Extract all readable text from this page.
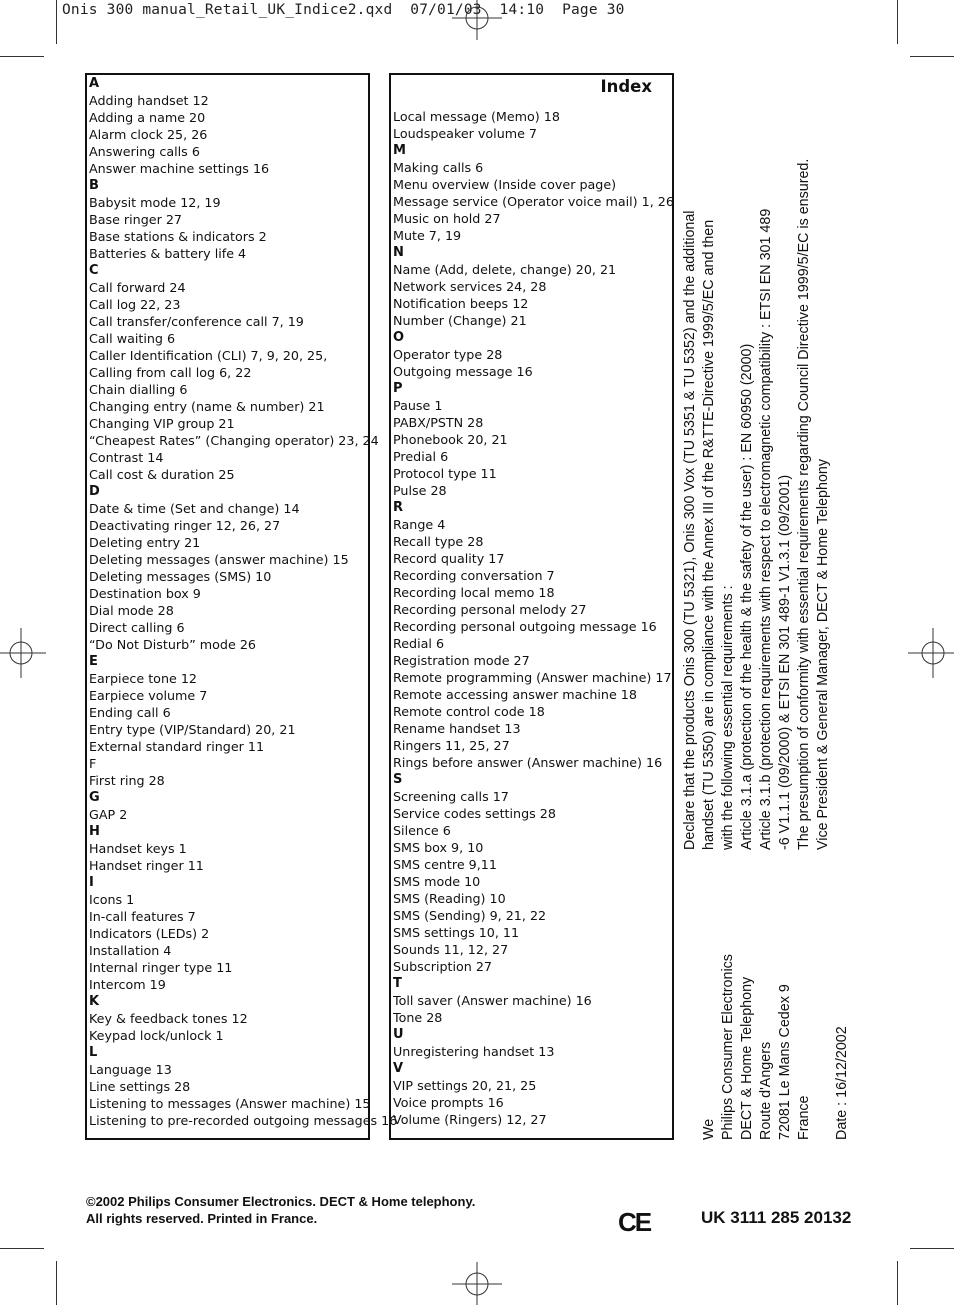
Onis 300 manual_Retail_UK_Indice2.qxd  07/01/03  14:10  Page 30
A
Adding handset 12
Adding a name 20
Alarm clock 25, 26
Answering calls 6
Answer machine settings 16
B
Babysit mode 12, 19
Base ringer 27
Base stations & indicators 2
Batteries & battery life 4
C
Call forward 24
Call log 22, 23
Call transfer/conference call 7, 19
Call waiting 6
Caller Identification (CLI) 7, 9, 20, 25,
Calling from call log 6, 22
Chain dialling 6
Changing entry (name & number) 21
Changing VIP group 21
“Cheapest Rates” (Changing operator) 23, 24
Contrast 14
Call cost & duration 25
D
Date & time (Set and change) 14
Deactivating ringer 12, 26, 27
Deleting entry 21
Deleting messages (answer machine) 15
Deleting messages (SMS) 10
Destination box 9
Dial mode 28
Direct calling 6
“Do Not Disturb” mode 26
E
Earpiece tone 12
Earpiece volume 7
Ending call 6
Entry type (VIP/Standard) 20, 21
External standard ringer 11
F
First ring 28
G
GAP 2
H
Handset keys 1
Handset ringer 11
I
Icons 1
In-call features 7
Indicators (LEDs) 2
Installation 4
Internal ringer type 11
Intercom 19
K
Key & feedback tones 12
Keypad lock/unlock 1
L
Language 13
Line settings 28
Listening to messages (Answer machine) 15
Listening to pre-recorded outgoing messages 16
Index
Local message (Memo) 18
Loudspeaker volume 7
M
Making calls 6
Menu overview (Inside cover page)
Message service (Operator voice mail) 1, 26
Music on hold 27
Mute 7, 19
N
Name (Add, delete, change) 20, 21
Network services 24, 28
Notification beeps 12
Number (Change) 21
O
Operator type 28
Outgoing message 16
P
Pause 1
PABX/PSTN 28
Phonebook 20, 21
Predial 6
Protocol type 11
Pulse 28
R
Range 4
Recall type 28
Record quality 17
Recording conversation 7
Recording local memo 18
Recording personal melody 27
Recording personal outgoing message 16
Redial 6
Registration mode 27
Remote programming (Answer machine) 17
Remote accessing answer machine 18
Remote control code 18
Rename handset 13
Ringers 11, 25, 27
Rings before answer (Answer machine) 16
S
Screening calls 17
Service codes settings 28
Silence 6
SMS box 9, 10
SMS centre 9,11
SMS mode 10
SMS (Reading) 10
SMS (Sending) 9, 21, 22
SMS settings 10, 11
Sounds 11, 12, 27
Subscription 27
T
Toll saver (Answer machine) 16
Tone 28
U
Unregistering handset 13
V
VIP settings 20, 21, 25
Voice prompts 16
Volume (Ringers) 12, 27	We Philips Consumer Electronics DECT & Home Telephony Route d'Angers 72081 Le Mans Cedex 9 France
Date : 16/12/2002
Declare that the products Onis 300 (TU 5321), Onis 300 Vox (TU 5351 & TU 5352) and the additional handset (TU 5350) are in compliance with the Annex III of the R&TTE-Directive 1999/5/EC and then with the following essential requirements : Article 3.1.a (protection of the health & the safety of the user) : EN 60950 (2000) Article 3.1.b (protection requirements with respect to electromagnetic compatibility : ETSI EN 301 489 -6 V1.1.1 (09/2000) & ETSI EN 301 489-1 V1.3.1 (09/2001) The presumption of conformity with essential requirements regarding Council Directive 1999/5/EC is ensured. Vice President & General Manager, DECT & Home Telephony
©2002 Philips Consumer Electronics. DECT & Home telephony.
All rights reserved. Printed in France.	CE	UK 3111 285 20132
